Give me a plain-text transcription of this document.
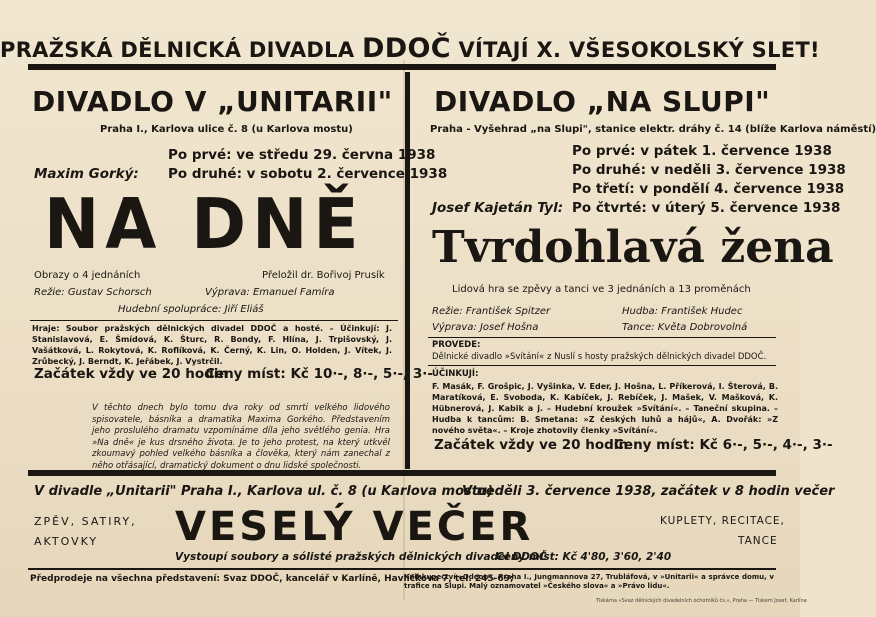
PRAŽSKÁ DĚLNICKÁ DIVADLA DDOČ VÍTAJÍ X. VŠESOKOLSKÝ SLET!
DIVADLO V „UNITARII"
Praha I., Karlova ulice č. 8 (u Karlova mostu)
Po prvé: ve středu 29. června 1938
Maxim Gorký: Po druhé: v sobotu 2. července 1938
NA DNĚ
Obrazy o 4 jednáních	Přeložil dr. Bořivoj Prusík
Režie: Gustav Schorsch	Výprava: Emanuel Famíra
Hudební spolupráce: Jiří Eliáš
Hraje: Soubor pražských dělnických divadel DDOČ a hosté. – Účinkují: J. Stanislavová, E. Šmídová, K. Šturc, R. Bondy, F. Hlína, J. Trpišovský, J. Vašátková, L. Rokytová, K. Roflíková, K. Černý, K. Lin, O. Holden, J. Vítek, J. Zrůbecký, J. Berndt, K. Jeřábek, J. Vystrčil.
Začátek vždy ve 20 hodin
Ceny míst: Kč 10·-, 8·-, 5·-, 3·-
V těchto dnech bylo tomu dva roky od smrti velkého lidového spisovatele, básníka a dramatika Maxima Gorkého. Představením jeho proslulého dramatu vzpomínáme díla jeho světlého genia. Hra »Na dně« je kus drsného života. Je to jeho protest, na který utkvěl zkoumavý pohled velkého básníka a člověka, který nám zanechal z něho otřásající, dramatický dokument o dnu lidské společnosti.
DIVADLO „NA SLUPI"
Praha - Vyšehrad „na Slupi", stanice elektr. dráhy č. 14 (blíže Karlova náměstí)
Po prvé: v pátek 1. července 1938
Po druhé: v neděli 3. července 1938
Po třetí: v pondělí 4. července 1938
Josef Kajetán Tyl: Po čtvrté: v úterý 5. července 1938
Tvrdohlavá žena
Lidová hra se zpěvy a tanci ve 3 jednáních a 13 proměnách
Režie: František Spitzer	Hudba: František Hudec
Výprava: Josef Hošna	Tance: Květa Dobrovolná
PROVEDE:
Dělnické divadlo »Svítání« z Nuslí s hosty pražských dělnických divadel DDOČ.
ÚČINKUJÍ:
F. Masák, F. Grošpic, J. Vyšinka, V. Eder, J. Hošna, L. Příkerová, I. Šterová, B. Maratíková, E. Svoboda, K. Kabíček, J. Rebíček, J. Mašek, V. Mašková, K. Hübnerová, J. Kabik a j. – Hudební kroužek »Svítání«. – Taneční skupina. – Hudba k tancům: B. Smetana: »Z českých luhů a hájů«, A. Dvořák: »Z nového světa«. – Kroje zhotovily členky »Svítání«.
Začátek vždy ve 20 hodin
Ceny míst: Kč 6·-, 5·-, 4·-, 3·-
V divadle „Unitarii" Praha I., Karlova ul. č. 8 (u Karlova mostu)
V neděli 3. července 1938, začátek v 8 hodin večer
ZPĚV, SATIRY,
AKTOVKY VESELÝ VEČER	KUPLETY, RECITACE,
TANCE
Vystoupí soubory a sólisté pražských dělnických divadel DDOČ
Ceny míst: Kč 4'80, 3'60, 2'40
Předprodeje na všechna představení: Svaz DDOČ, kancelář v Karlíně, Havlíčkova 7, tel. 245-69;
Knihkupectví »Odeon«, Praha I., Jungmannova 27, Trubláfová, v »Unitarii« a správce domu, v trafice na Slupi. Malý oznamovatel »Českého slova« a »Právo lidu«.
Tiskárna »Svaz dělnických divadelních ochotníků čs.«, Praha — Tiskem Josef, Karlíne
